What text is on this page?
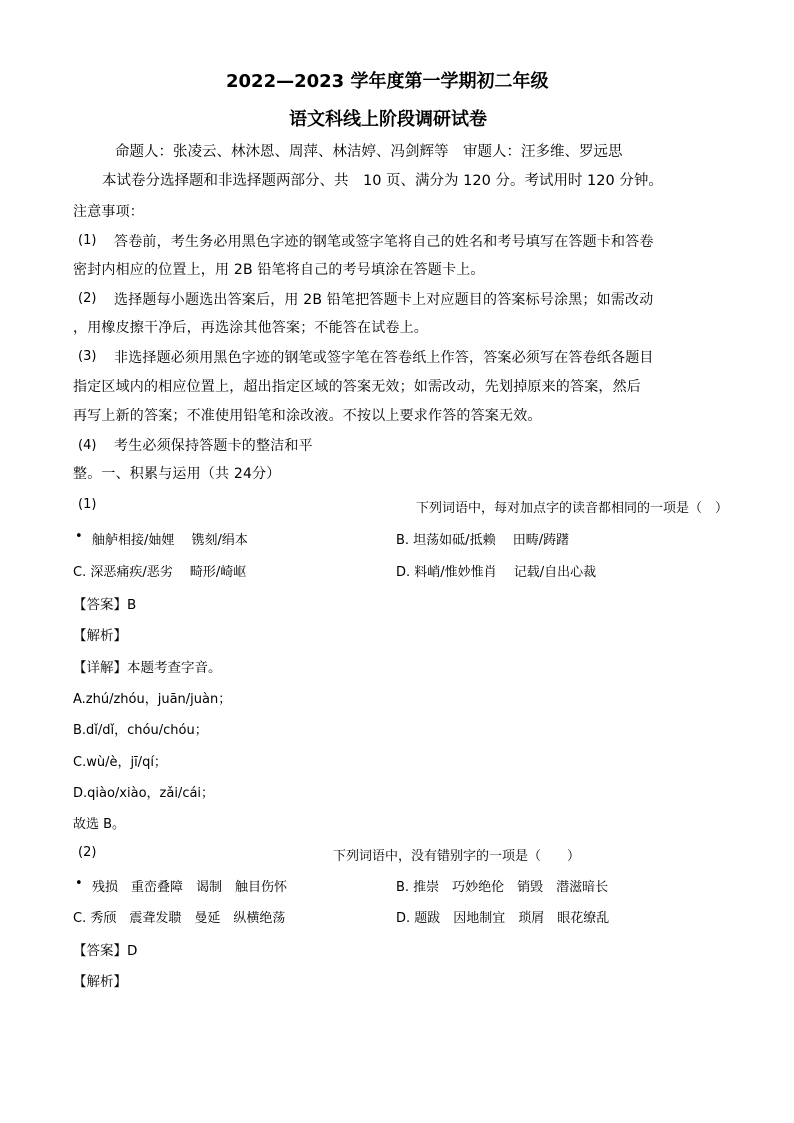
2022—2023 学年度第一学期初二年级
语文科线上阶段调研试卷
命题人：张凌云、林沐恩、周萍、林洁婷、冯剑辉等　审题人：汪多维、罗远思
本试卷分选择题和非选择题两部分、共　10 页、满分为 120 分。考试用时 120 分钟。
注意事项：
(1) 答卷前，考生务必用黑色字迹的钢笔或签字笔将自己的姓名和考号填写在答题卡和答卷
密封内相应的位置上，用 2B 铅笔将自己的考号填涂在答题卡上。
(2) 选择题每小题选出答案后，用 2B 铅笔把答题卡上对应题目的答案标号涂黑；如需改动
，用橡皮擦干净后，再选涂其他答案；不能答在试卷上。
(3) 非选择题必须用黑色字迹的钢笔或签字笔在答卷纸上作答，答案必须写在答卷纸各题目
指定区域内的相应位置上，超出指定区域的答案无效；如需改动，先划掉原来的答案，然后
再写上新的答案；不准使用铅笔和涂改液。不按以上要求作答的答案无效。
(4) 考生必须保持答题卡的整洁和平
整。一、积累与运用（共 24分）
(1)	下列词语中，每对加点字的读音都相同的一项是（　）
• 舳舻相接/妯娌　 镌刻/绢本	B. 坦荡如砥/抵赖　 田畴/踌躇
C. 深恶痛疾/恶劣　 畸形/崎岖	D. 料峭/惟妙惟肖　 记载/自出心裁
【答案】B
【解析】
【详解】本题考查字音。
A.zhú/zhóu，juān/juàn；
B.dǐ/dǐ，chóu/chóu；
C.wù/è，jī/qí；
D.qiào/xiào，zǎi/cái；
故选 B。
(2)	下列词语中，没有错别字的一项是（　　）
• 残损　重峦叠障　谒制　触目伤怀	B. 推崇　巧妙绝伦　销毁　潜滋暗长
C. 秀颀　震聋发聩　曼延　纵横绝荡	D. 题跋　因地制宜　琐屑　眼花缭乱
【答案】D
【解析】
